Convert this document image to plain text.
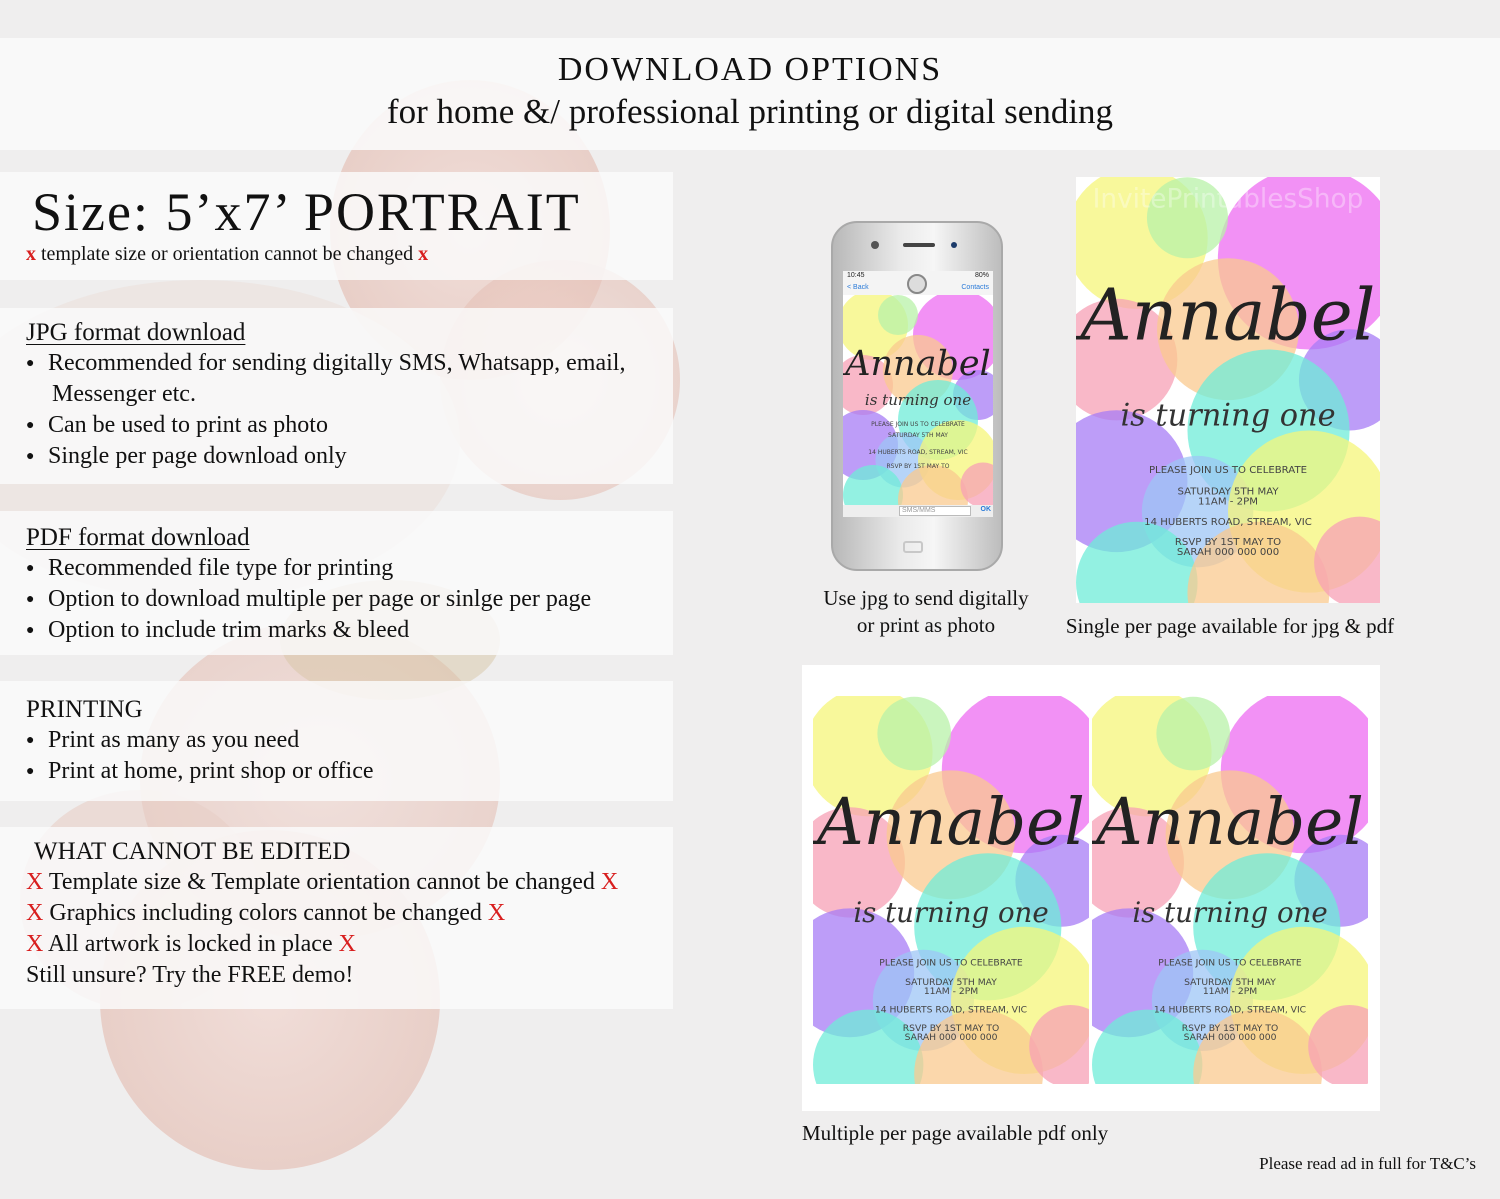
DOWNLOAD OPTIONS
for home &/ professional printing or digital sending
Size: 5’x7’ PORTRAIT
x template size or orientation cannot be changed x
JPG format download
● Recommended for sending digitally SMS, Whatsapp, email,
Messenger etc.
● Can be used to print as photo
● Single per page download only
PDF format download
● Recommended file type for printing
● Option to download multiple per page or sinlge per page
● Option to include trim marks & bleed
PRINTING
● Print as many as you need
● Print at home, print shop or office
WHAT CANNOT BE EDITED
X Template size & Template orientation cannot be changed X
X Graphics including colors cannot be changed X
X All artwork is locked in place X
Still unsure? Try the FREE demo!
10:45	80%
< Back	Contacts
Annabel
is turning one
PLEASE JOIN US TO CELEBRATE
SATURDAY 5TH MAY
14 HUBERTS ROAD, STREAM, VIC
RSVP BY 1ST MAY TO
SMS/MMS	OK
Use jpg to send digitally
or print as photo
Annabel
is turning one
PLEASE JOIN US TO CELEBRATE
SATURDAY 5TH MAY
11AM - 2PM
14 HUBERTS ROAD, STREAM, VIC
RSVP BY 1ST MAY TO
SARAH 000 000 000
InvitePrintablesShop
Single per page available for jpg & pdf
Annabel
is turning one
PLEASE JOIN US TO CELEBRATE
SATURDAY 5TH MAY
11AM - 2PM
14 HUBERTS ROAD, STREAM, VIC
RSVP BY 1ST MAY TO
SARAH 000 000 000
Annabel
is turning one
PLEASE JOIN US TO CELEBRATE
SATURDAY 5TH MAY
11AM - 2PM
14 HUBERTS ROAD, STREAM, VIC
RSVP BY 1ST MAY TO
SARAH 000 000 000
Multiple per page available pdf only
Please read ad in full for T&C’s
